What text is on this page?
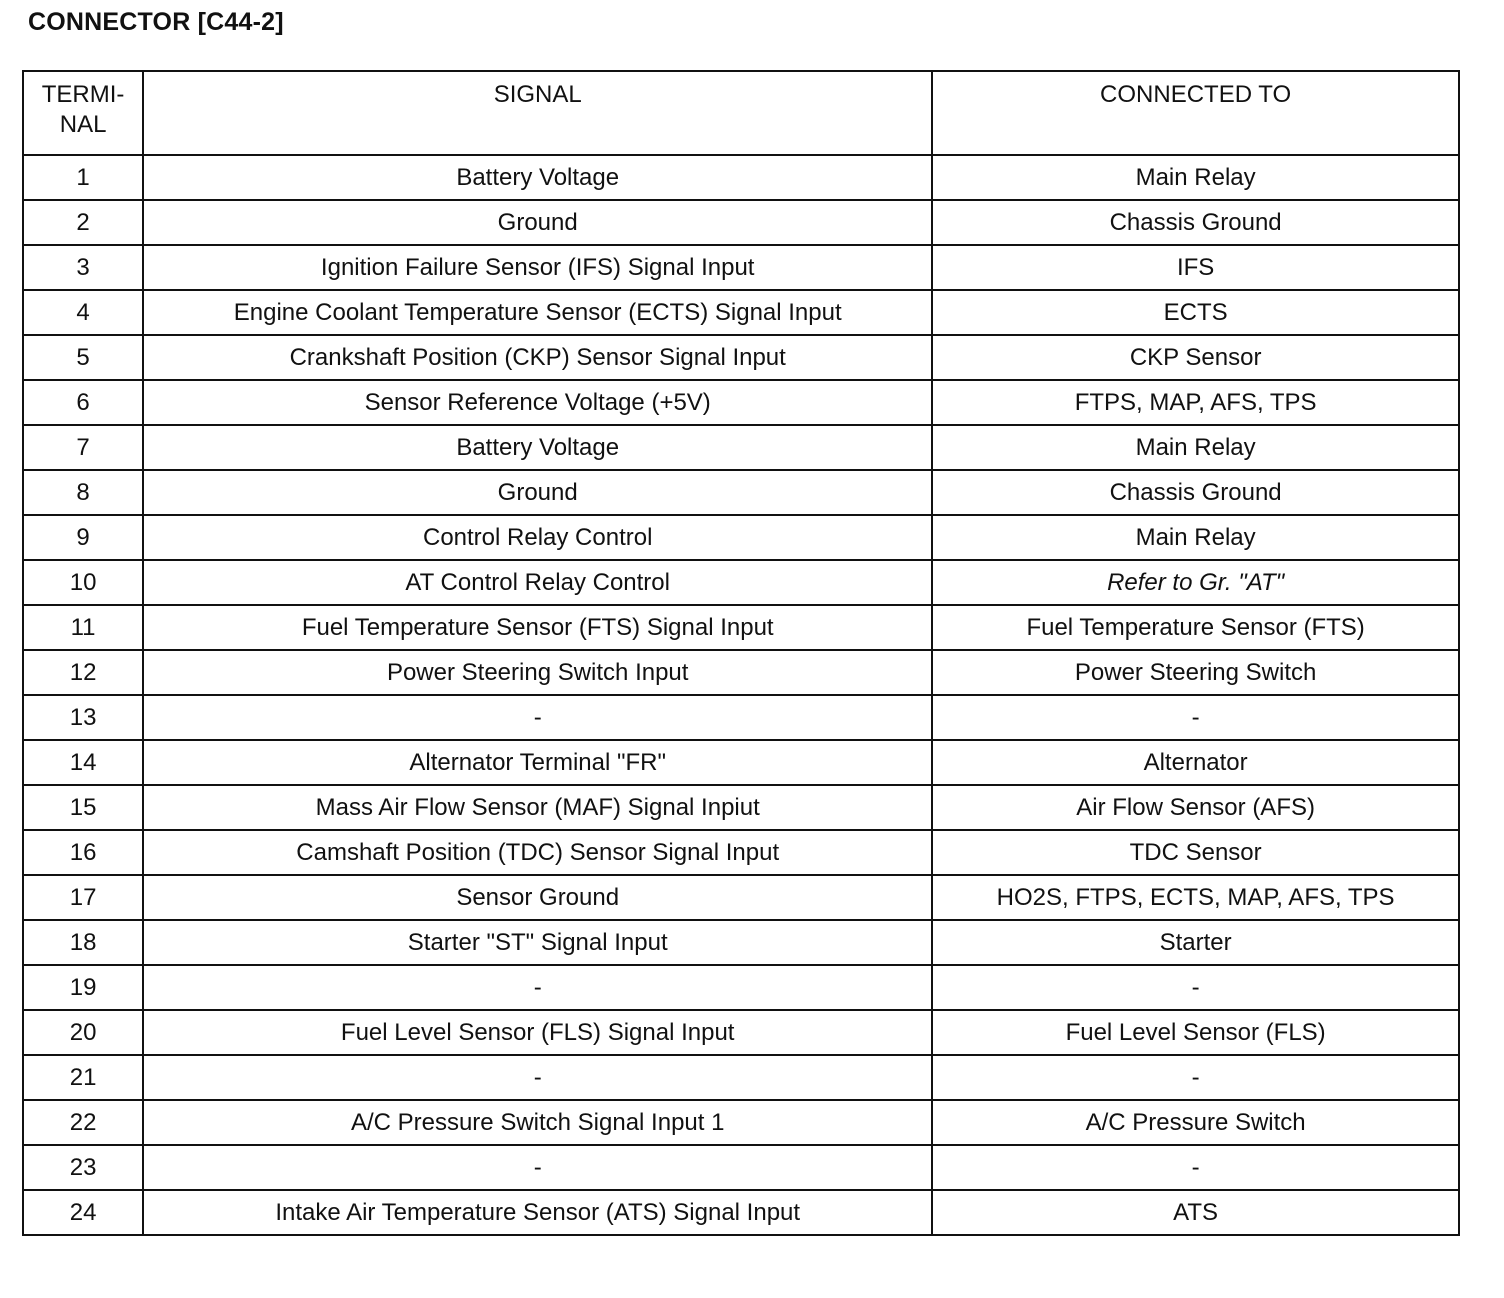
CONNECTOR [C44-2]
TERMI-
NAL	SIGNAL	CONNECTED TO
1	Battery Voltage	Main Relay
2	Ground	Chassis Ground
3	Ignition Failure Sensor (IFS) Signal Input	IFS
4	Engine Coolant Temperature Sensor (ECTS) Signal Input	ECTS
5	Crankshaft Position (CKP) Sensor Signal Input	CKP Sensor
6	Sensor Reference Voltage (+5V)	FTPS, MAP, AFS, TPS
7	Battery Voltage	Main Relay
8	Ground	Chassis Ground
9	Control Relay Control	Main Relay
10	AT Control Relay Control	Refer to Gr. "AT"
11	Fuel Temperature Sensor (FTS) Signal Input	Fuel Temperature Sensor (FTS)
12	Power Steering Switch Input	Power Steering Switch
13	-	-
14	Alternator Terminal "FR"	Alternator
15	Mass Air Flow Sensor (MAF) Signal Inpiut	Air Flow Sensor (AFS)
16	Camshaft Position (TDC) Sensor Signal Input	TDC Sensor
17	Sensor Ground	HO2S, FTPS, ECTS, MAP, AFS, TPS
18	Starter "ST" Signal Input	Starter
19	-	-
20	Fuel Level Sensor (FLS) Signal Input	Fuel Level Sensor (FLS)
21	-	-
22	A/C Pressure Switch Signal Input 1	A/C Pressure Switch
23	-	-
24	Intake Air Temperature Sensor (ATS) Signal Input	ATS
